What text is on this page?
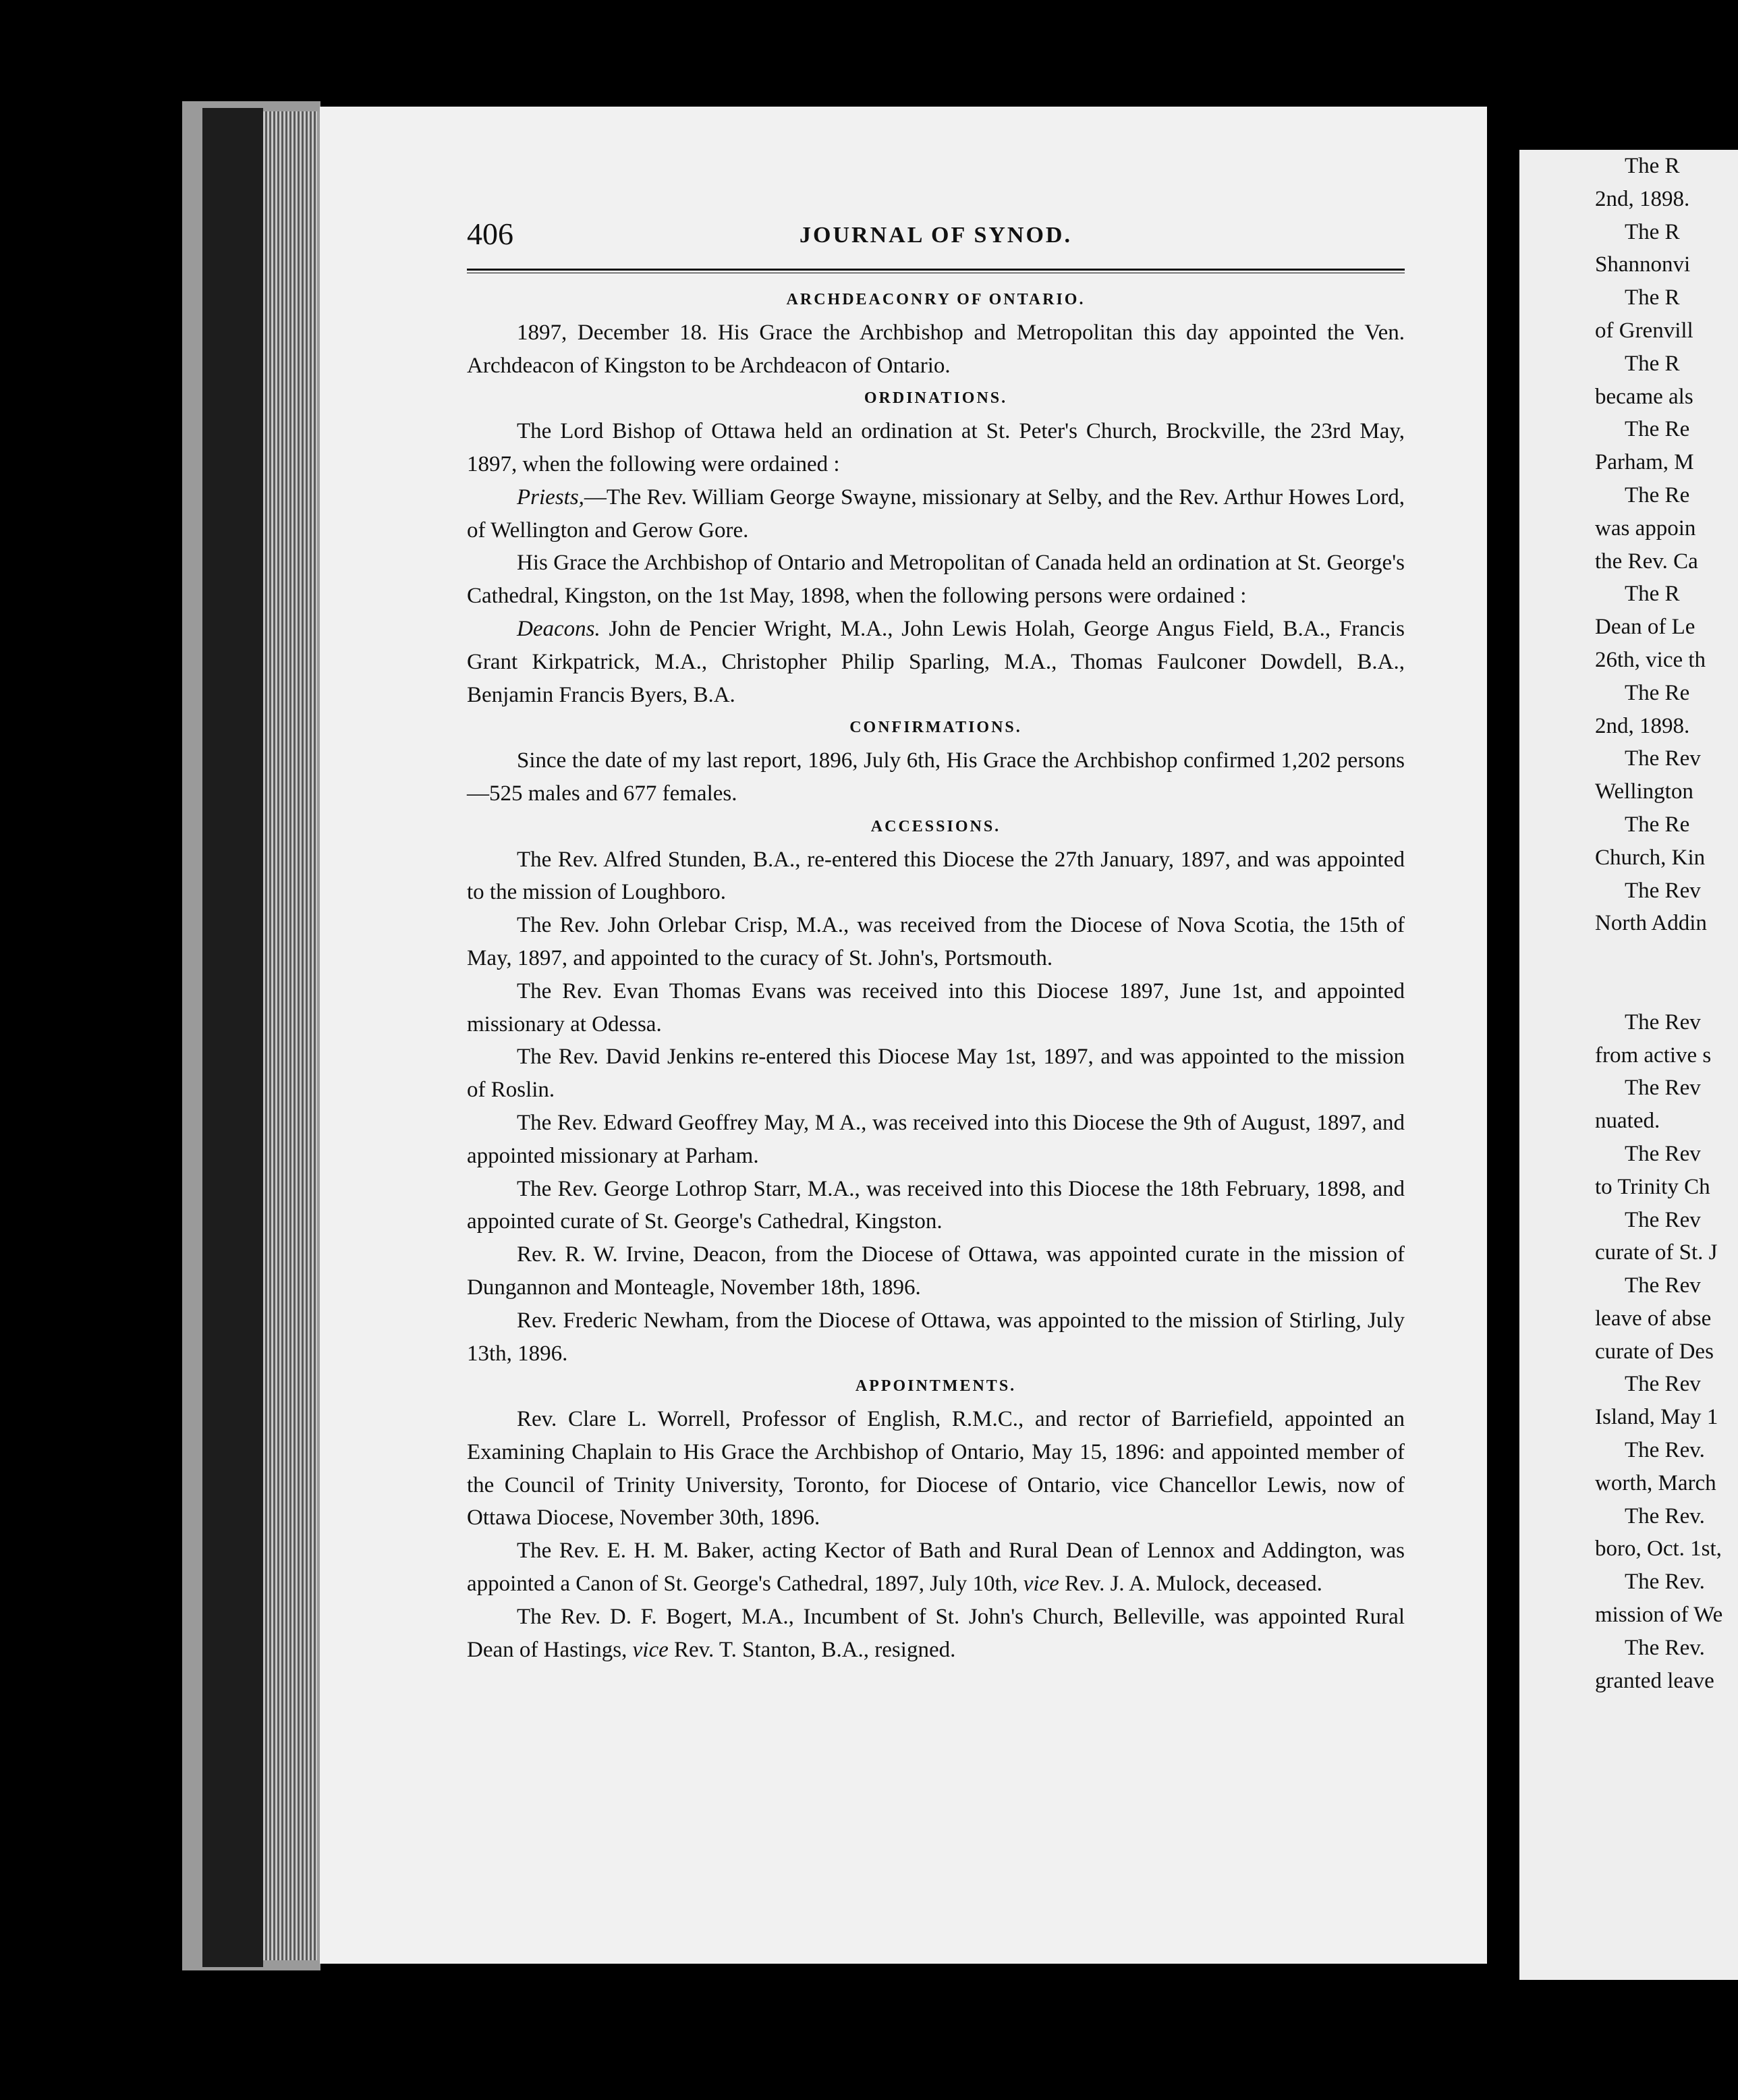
406	JOURNAL OF SYNOD.
ARCHDEACONRY OF ONTARIO.

1897, December 18. His Grace the Archbishop and Metropolitan this day appointed the Ven. Archdeacon of Kingston to be Archdeacon of Ontario.

ORDINATIONS.

The Lord Bishop of Ottawa held an ordination at St. Peter's Church, Brockville, the 23rd May, 1897, when the following were ordained :

Priests,—The Rev. William George Swayne, missionary at Selby, and the Rev. Arthur Howes Lord, of Wellington and Gerow Gore.

His Grace the Archbishop of Ontario and Metropolitan of Canada held an ordination at St. George's Cathedral, Kingston, on the 1st May, 1898, when the following persons were ordained :

Deacons. John de Pencier Wright, M.A., John Lewis Holah, George Angus Field, B.A., Francis Grant Kirkpatrick, M.A., Christopher Philip Sparling, M.A., Thomas Faulconer Dowdell, B.A., Benjamin Francis Byers, B.A.

CONFIRMATIONS.

Since the date of my last report, 1896, July 6th, His Grace the Archbishop confirmed 1,202 persons—525 males and 677 females.

ACCESSIONS.

The Rev. Alfred Stunden, B.A., re-entered this Diocese the 27th January, 1897, and was appointed to the mission of Loughboro.

The Rev. John Orlebar Crisp, M.A., was received from the Diocese of Nova Scotia, the 15th of May, 1897, and appointed to the curacy of St. John's, Portsmouth.

The Rev. Evan Thomas Evans was received into this Diocese 1897, June 1st, and appointed missionary at Odessa.

The Rev. David Jenkins re-entered this Diocese May 1st, 1897, and was appointed to the mission of Roslin.

The Rev. Edward Geoffrey May, M A., was received into this Diocese the 9th of August, 1897, and appointed missionary at Parham.

The Rev. George Lothrop Starr, M.A., was received into this Diocese the 18th February, 1898, and appointed curate of St. George's Cathedral, Kingston.

Rev. R. W. Irvine, Deacon, from the Diocese of Ottawa, was appointed curate in the mission of Dungannon and Monteagle, November 18th, 1896.

Rev. Frederic Newham, from the Diocese of Ottawa, was appointed to the mission of Stirling, July 13th, 1896.

APPOINTMENTS.

Rev. Clare L. Worrell, Professor of English, R.M.C., and rector of Barriefield, appointed an Examining Chaplain to His Grace the Archbishop of Ontario, May 15, 1896: and appointed member of the Council of Trinity University, Toronto, for Diocese of Ontario, vice Chancellor Lewis, now of Ottawa Diocese, November 30th, 1896.

The Rev. E. H. M. Baker, acting Kector of Bath and Rural Dean of Lennox and Addington, was appointed a Canon of St. George's Cathedral, 1897, July 10th, vice Rev. J. A. Mulock, deceased.

The Rev. D. F. Bogert, M.A., Incumbent of St. John's Church, Belleville, was appointed Rural Dean of Hastings, vice Rev. T. Stanton, B.A., resigned.

The R
2nd, 1898.
The R
Shannonvi
The R
of Grenvill
The R
became als
The Re
Parham, M
The Re
was appoin
the Rev. Ca
The R
Dean of Le
26th, vice th
The Re
2nd, 1898.
The Rev
Wellington
The Re
Church, Kin
The Rev
North Addin
The Rev
from active s
The Rev
nuated.
The Rev
to Trinity Ch
The Rev
curate of St. J
The Rev
leave of abse
curate of Des
The Rev
Island, May 1
The Rev.
worth, March
The Rev.
boro, Oct. 1st,
The Rev.
mission of We
The Rev.
granted leave
